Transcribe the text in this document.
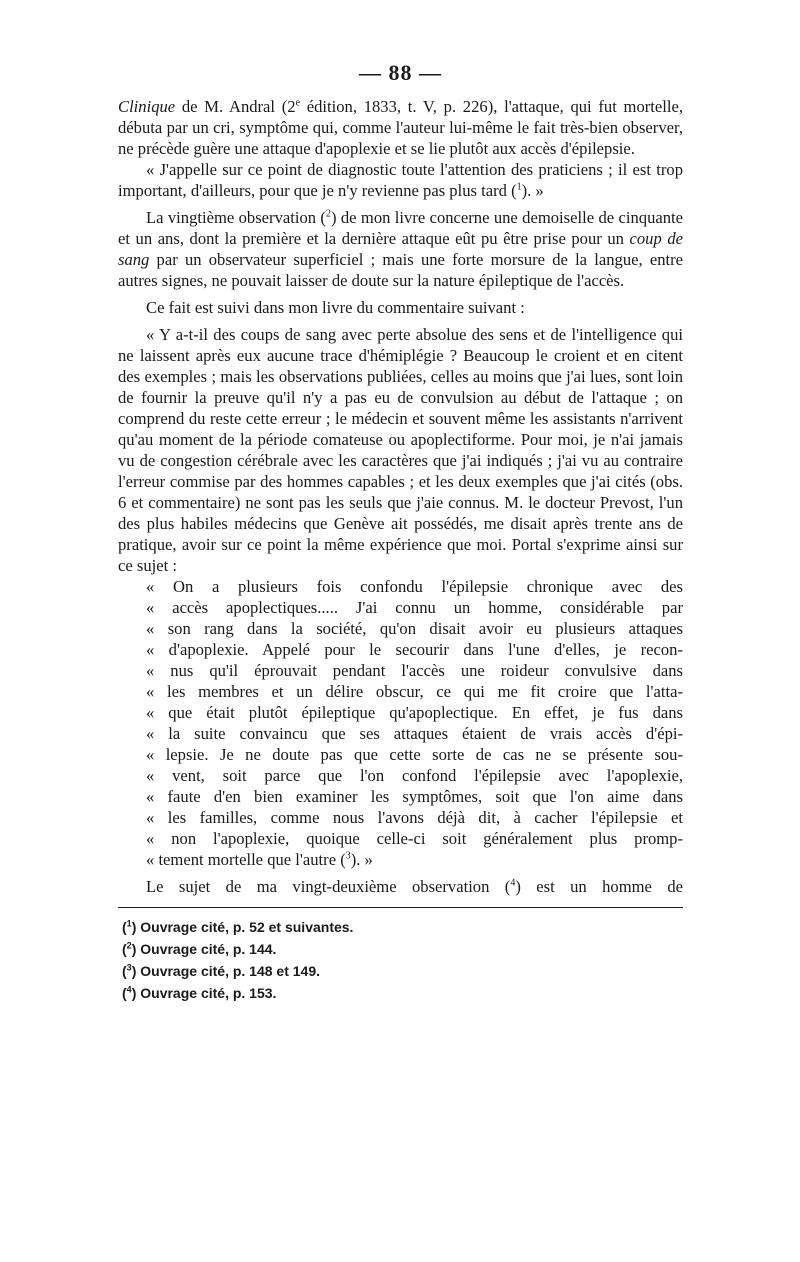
— 88 —

Clinique de M. Andral (2e édition, 1833, t. V, p. 226), l'attaque, qui fut mortelle, débuta par un cri, symptôme qui, comme l'auteur lui-même le fait très-bien observer, ne précède guère une attaque d'apoplexie et se lie plutôt aux accès d'épilepsie.

« J'appelle sur ce point de diagnostic toute l'attention des praticiens ; il est trop important, d'ailleurs, pour que je n'y revienne pas plus tard ($^1$). »

La vingtième observation ($^2$) de mon livre concerne une demoiselle de cinquante et un ans, dont la première et la dernière attaque eût pu être prise pour un coup de sang par un observateur superficiel ; mais une forte morsure de la langue, entre autres signes, ne pouvait laisser de doute sur la nature épileptique de l'accès.

Ce fait est suivi dans mon livre du commentaire suivant :

« Y a-t-il des coups de sang avec perte absolue des sens et de l'intelligence qui ne laissent après eux aucune trace d'hémiplégie ? Beaucoup le croient et en citent des exemples ; mais les observations publiées, celles au moins que j'ai lues, sont loin de fournir la preuve qu'il n'y a pas eu de convulsion au début de l'attaque ; on comprend du reste cette erreur ; le médecin et souvent même les assistants n'arrivent qu'au moment de la période comateuse ou apoplectiforme. Pour moi, je n'ai jamais vu de congestion cérébrale avec les caractères que j'ai indiqués ; j'ai vu au contraire l'erreur commise par des hommes capables ; et les deux exemples que j'ai cités (obs. 6 et commentaire) ne sont pas les seuls que j'aie connus. M. le docteur Prevost, l'un des plus habiles médecins que Genève ait possédés, me disait après trente ans de pratique, avoir sur ce point la même expérience que moi. Portal s'exprime ainsi sur ce sujet :

« On a plusieurs fois confondu l'épilepsie chronique avec des
« accès apoplectiques..... J'ai connu un homme, considérable par
« son rang dans la société, qu'on disait avoir eu plusieurs attaques
« d'apoplexie. Appelé pour le secourir dans l'une d'elles, je recon-
« nus qu'il éprouvait pendant l'accès une roideur convulsive dans
« les membres et un délire obscur, ce qui me fit croire que l'atta-
« que était plutôt épileptique qu'apoplectique. En effet, je fus dans
« la suite convaincu que ses attaques étaient de vrais accès d'épi-
« lepsie. Je ne doute pas que cette sorte de cas ne se présente sou-
« vent, soit parce que l'on confond l'épilepsie avec l'apoplexie,
« faute d'en bien examiner les symptômes, soit que l'on aime dans
« les familles, comme nous l'avons déjà dit, à cacher l'épilepsie et
« non l'apoplexie, quoique celle-ci soit généralement plus promp-
« tement mortelle que l'autre ($^3$). »
Le sujet de ma vingt-deuxième observation ($^4$) est un homme de
($^1$) Ouvrage cité, p. 52 et suivantes.
($^2$) Ouvrage cité, p. 144.
($^3$) Ouvrage cité, p. 148 et 149.
($^4$) Ouvrage cité, p. 153.
